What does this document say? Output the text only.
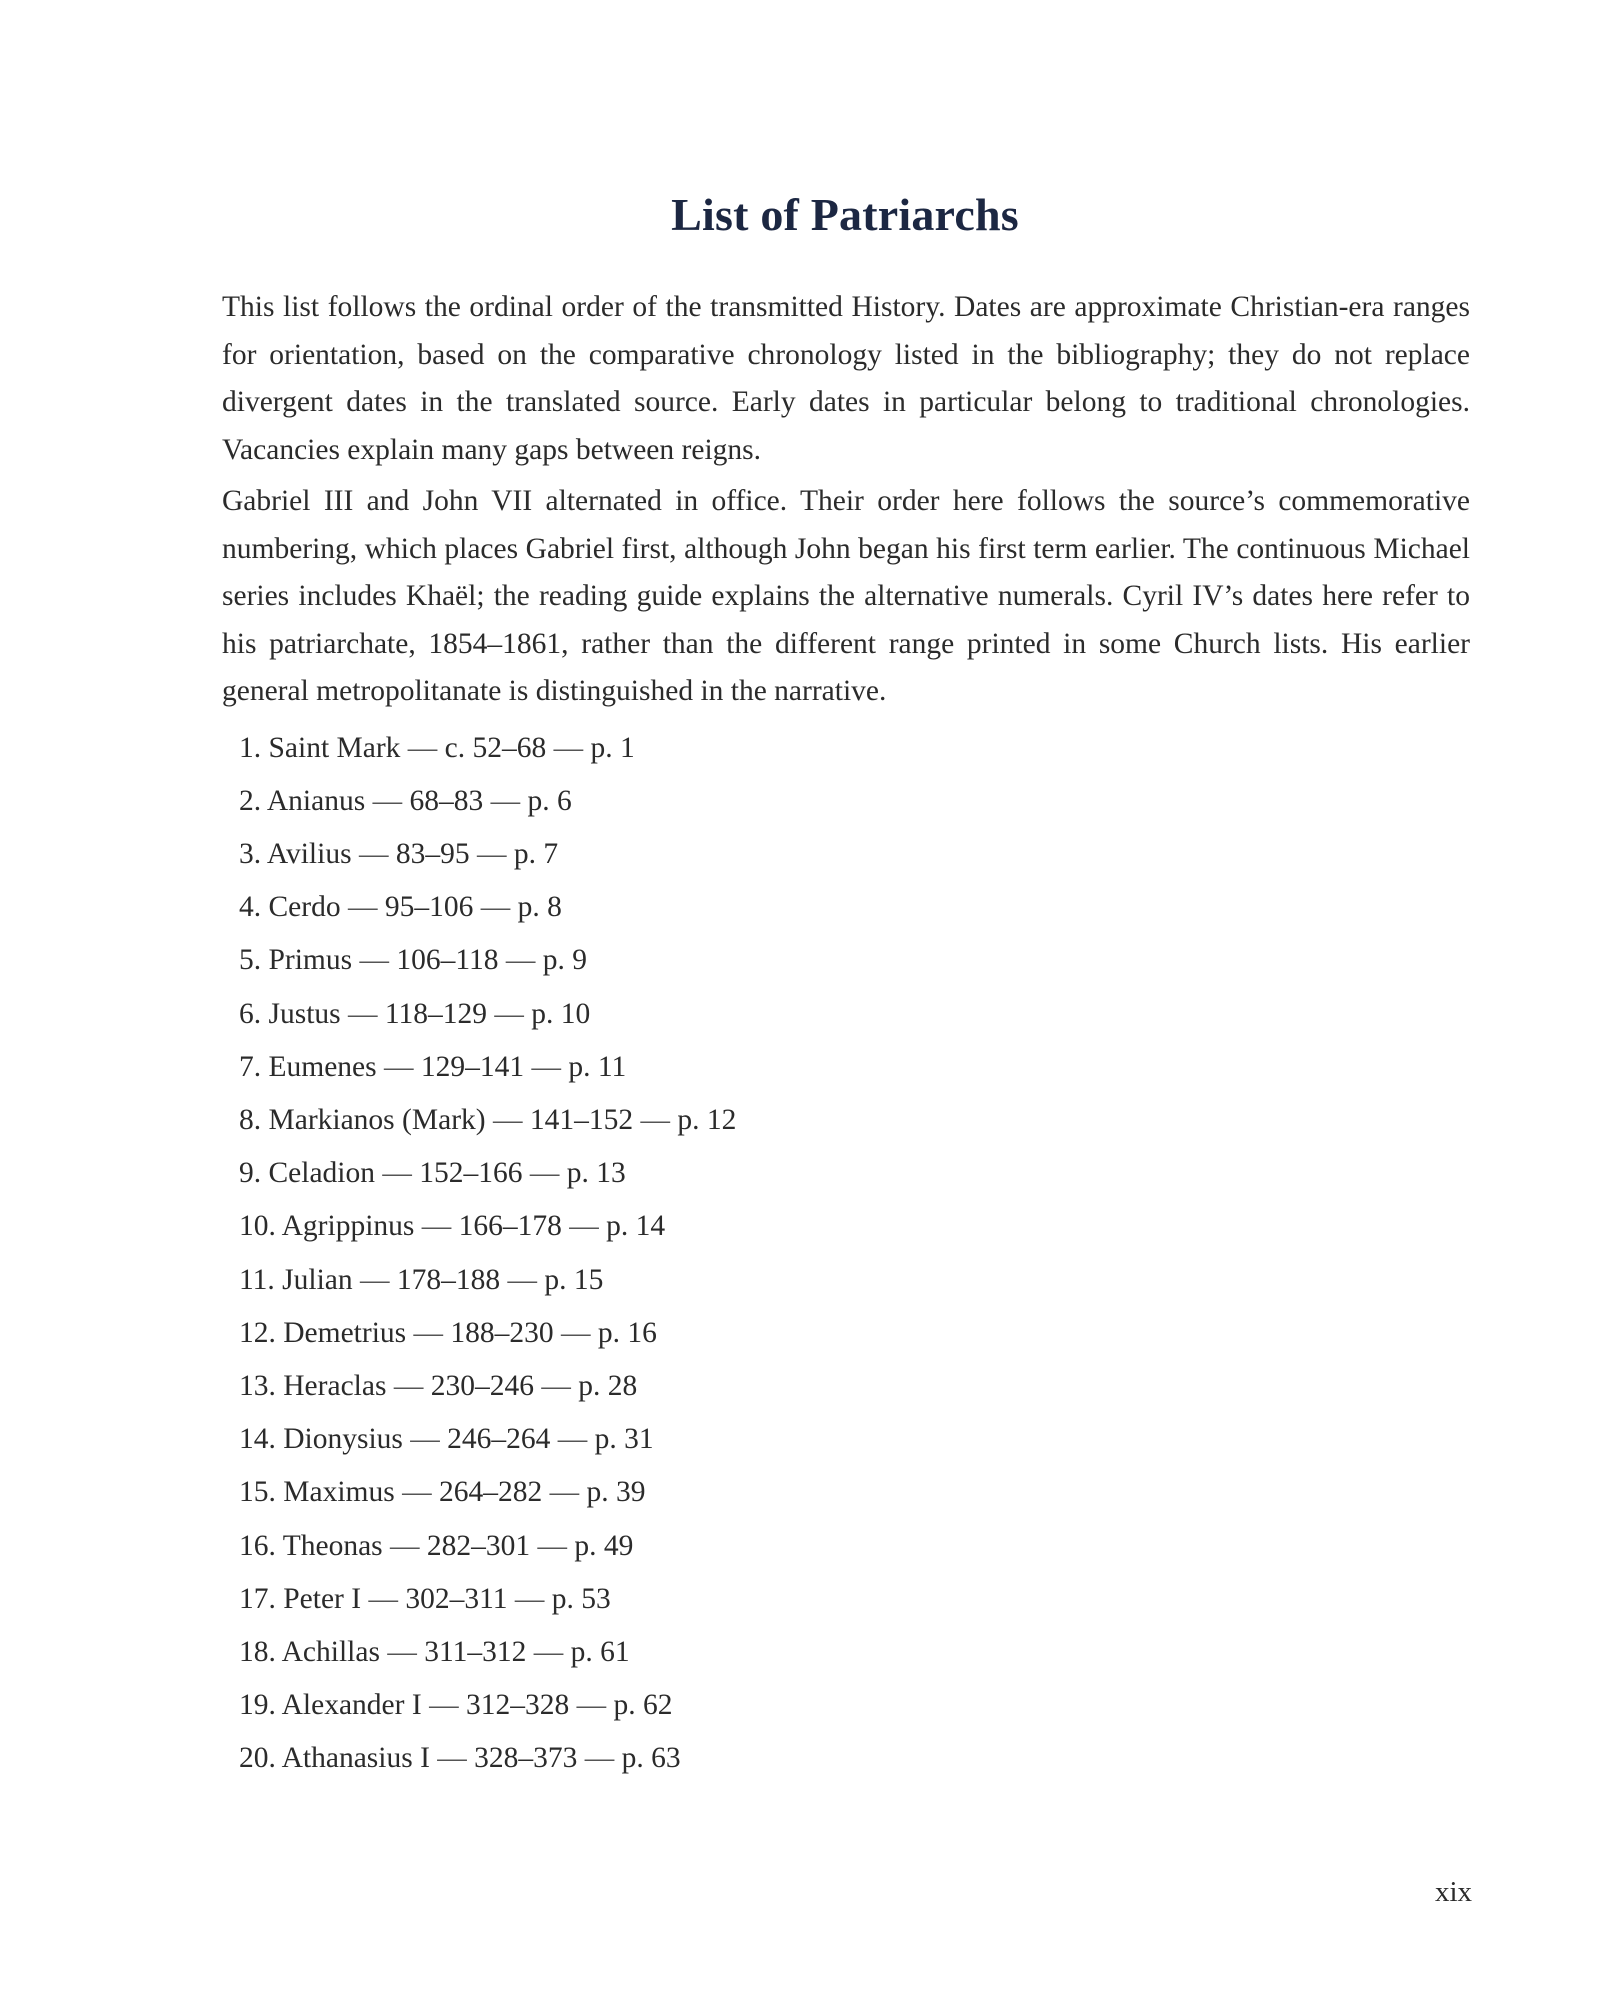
List of Patriarchs

This list follows the ordinal order of the transmitted History. Dates are approximate Christian-era ranges for orientation, based on the comparative chronology listed in the bibliography; they do not replace divergent dates in the translated source. Early dates in particular belong to traditional chronologies. Vacancies explain many gaps between reigns.

Gabriel III and John VII alternated in office. Their order here follows the source’s commemorative numbering, which places Gabriel first, although John began his first term earlier. The continuous Michael series includes Khaël; the reading guide explains the alternative numerals. Cyril IV’s dates here refer to his patriarchate, 1854–1861, rather than the different range printed in some Church lists. His earlier general metropolitanate is distinguished in the narrative.

1. Saint Mark — c. 52–68 — p. 1
2. Anianus — 68–83 — p. 6
3. Avilius — 83–95 — p. 7
4. Cerdo — 95–106 — p. 8
5. Primus — 106–118 — p. 9
6. Justus — 118–129 — p. 10
7. Eumenes — 129–141 — p. 11
8. Markianos (Mark) — 141–152 — p. 12
9. Celadion — 152–166 — p. 13
10. Agrippinus — 166–178 — p. 14
11. Julian — 178–188 — p. 15
12. Demetrius — 188–230 — p. 16
13. Heraclas — 230–246 — p. 28
14. Dionysius — 246–264 — p. 31
15. Maximus — 264–282 — p. 39
16. Theonas — 282–301 — p. 49
17. Peter I — 302–311 — p. 53
18. Achillas — 311–312 — p. 61
19. Alexander I — 312–328 — p. 62
20. Athanasius I — 328–373 — p. 63
xix
